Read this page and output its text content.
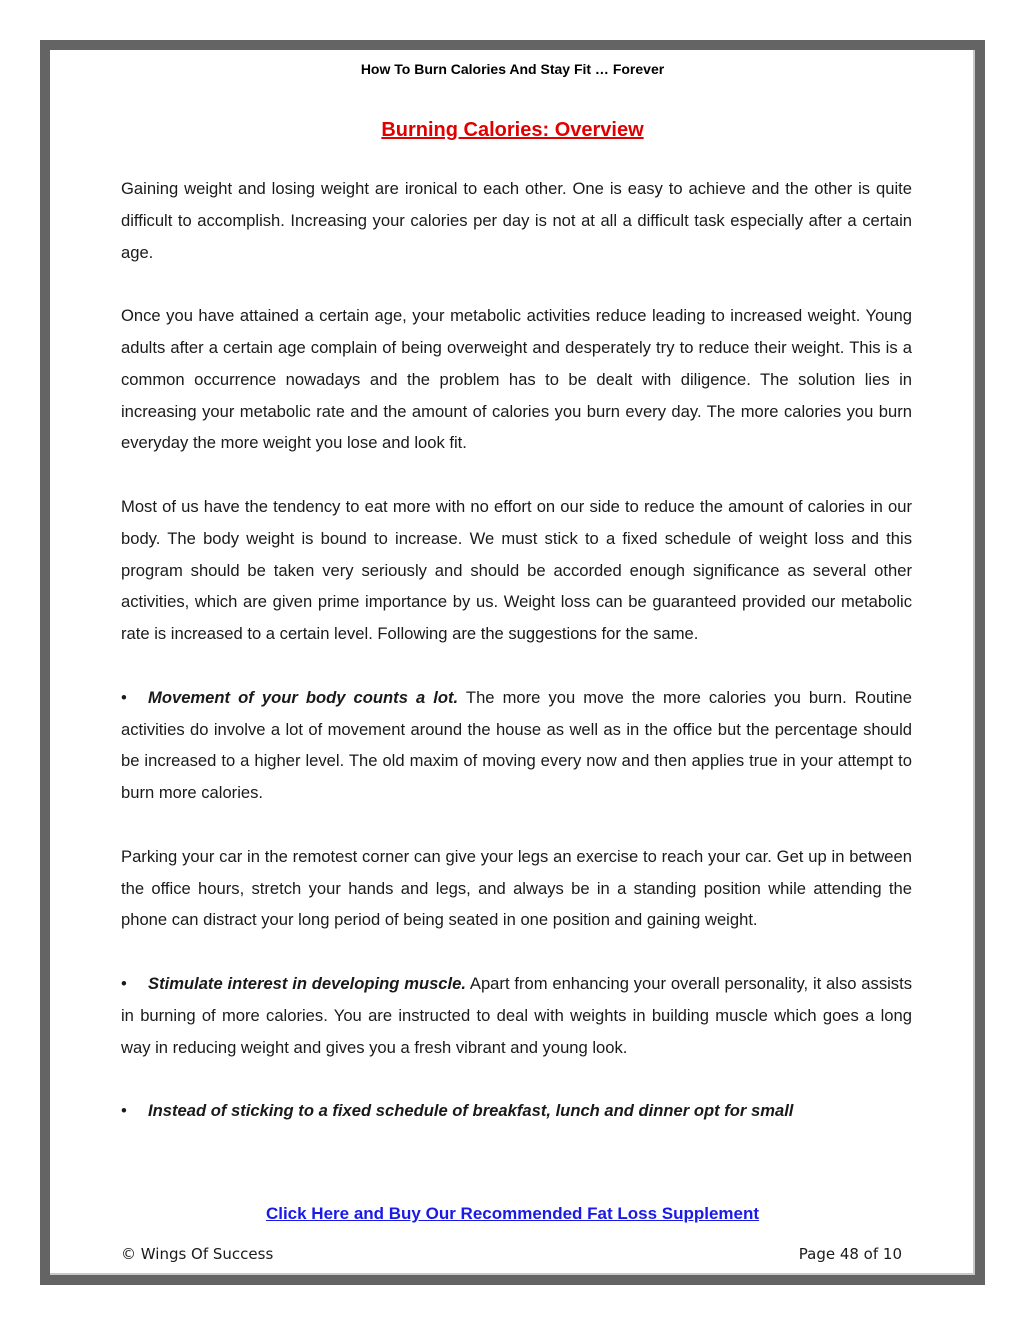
How To Burn Calories And Stay Fit … Forever
Burning Calories: Overview

Gaining weight and losing weight are ironical to each other. One is easy to achieve and the other is quite difficult to accomplish. Increasing your calories per day is not at all a difficult task especially after a certain age.

Once you have attained a certain age, your metabolic activities reduce leading to increased weight. Young adults after a certain age complain of being overweight and desperately try to reduce their weight. This is a common occurrence nowadays and the problem has to be dealt with diligence. The solution lies in increasing your metabolic rate and the amount of calories you burn every day. The more calories you burn everyday the more weight you lose and look fit.

Most of us have the tendency to eat more with no effort on our side to reduce the amount of calories in our body. The body weight is bound to increase. We must stick to a fixed schedule of weight loss and this program should be taken very seriously and should be accorded enough significance as several other activities, which are given prime importance by us. Weight loss can be guaranteed provided our metabolic rate is increased to a certain level. Following are the suggestions for the same.

• Movement of your body counts a lot. The more you move the more calories you burn. Routine activities do involve a lot of movement around the house as well as in the office but the percentage should be increased to a higher level. The old maxim of moving every now and then applies true in your attempt to burn more calories.

Parking your car in the remotest corner can give your legs an exercise to reach your car. Get up in between the office hours, stretch your hands and legs, and always be in a standing position while attending the phone can distract your long period of being seated in one position and gaining weight.

• Stimulate interest in developing muscle. Apart from enhancing your overall personality, it also assists in burning of more calories. You are instructed to deal with weights in building muscle which goes a long way in reducing weight and gives you a fresh vibrant and young look.

• Instead of sticking to a fixed schedule of breakfast, lunch and dinner opt for small

Click Here and Buy Our Recommended Fat Loss Supplement
© Wings Of Success	Page 48 of 10
